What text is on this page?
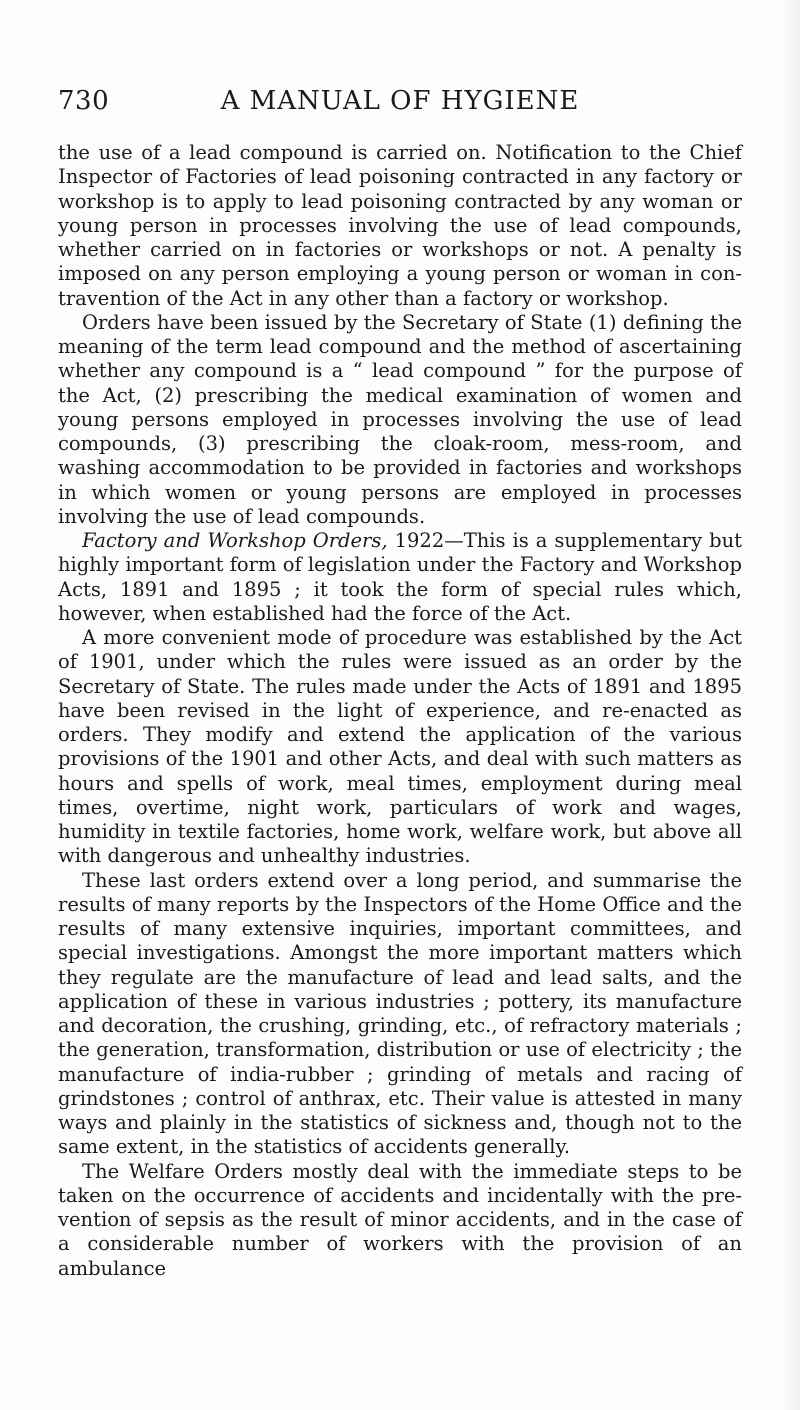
730	A MANUAL OF HYGIENE

the use of a lead compound is carried on. Notification to the Chief Inspector of Factories of lead poisoning contracted in any factory or workshop is to apply to lead poisoning contracted by any woman or young person in processes involving the use of lead compounds, whether carried on in factories or workshops or not. A penalty is imposed on any person employing a young person or woman in contravention of the Act in any other than a factory or workshop.

Orders have been issued by the Secretary of State (1) defining the meaning of the term lead compound and the method of ascertaining whether any compound is a “ lead compound ” for the purpose of the Act, (2) prescribing the medical examination of women and young persons employed in processes involving the use of lead compounds, (3) prescribing the cloak-room, mess-room, and washing accommodation to be provided in factories and workshops in which women or young persons are employed in processes involving the use of lead compounds.

Factory and Workshop Orders, 1922—This is a supplementary but highly important form of legislation under the Factory and Workshop Acts, 1891 and 1895 ; it took the form of special rules which, however, when established had the force of the Act.

A more convenient mode of procedure was established by the Act of 1901, under which the rules were issued as an order by the Secretary of State. The rules made under the Acts of 1891 and 1895 have been revised in the light of experience, and re-enacted as orders. They modify and extend the application of the various provisions of the 1901 and other Acts, and deal with such matters as hours and spells of work, meal times, employment during meal times, overtime, night work, particulars of work and wages, humidity in textile factories, home work, welfare work, but above all with dangerous and unhealthy industries.

These last orders extend over a long period, and summarise the results of many reports by the Inspectors of the Home Office and the results of many extensive inquiries, important committees, and special investigations. Amongst the more important matters which they regulate are the manufacture of lead and lead salts, and the application of these in various industries ; pottery, its manufacture and decoration, the crushing, grinding, etc., of refractory materials ; the generation, transformation, distribution or use of electricity ; the manufacture of india-rubber ; grinding of metals and racing of grindstones ; control of anthrax, etc. Their value is attested in many ways and plainly in the statistics of sickness and, though not to the same extent, in the statistics of accidents generally.

The Welfare Orders mostly deal with the immediate steps to be taken on the occurrence of accidents and incidentally with the prevention of sepsis as the result of minor accidents, and in the case of a considerable number of workers with the provision of an ambulance
